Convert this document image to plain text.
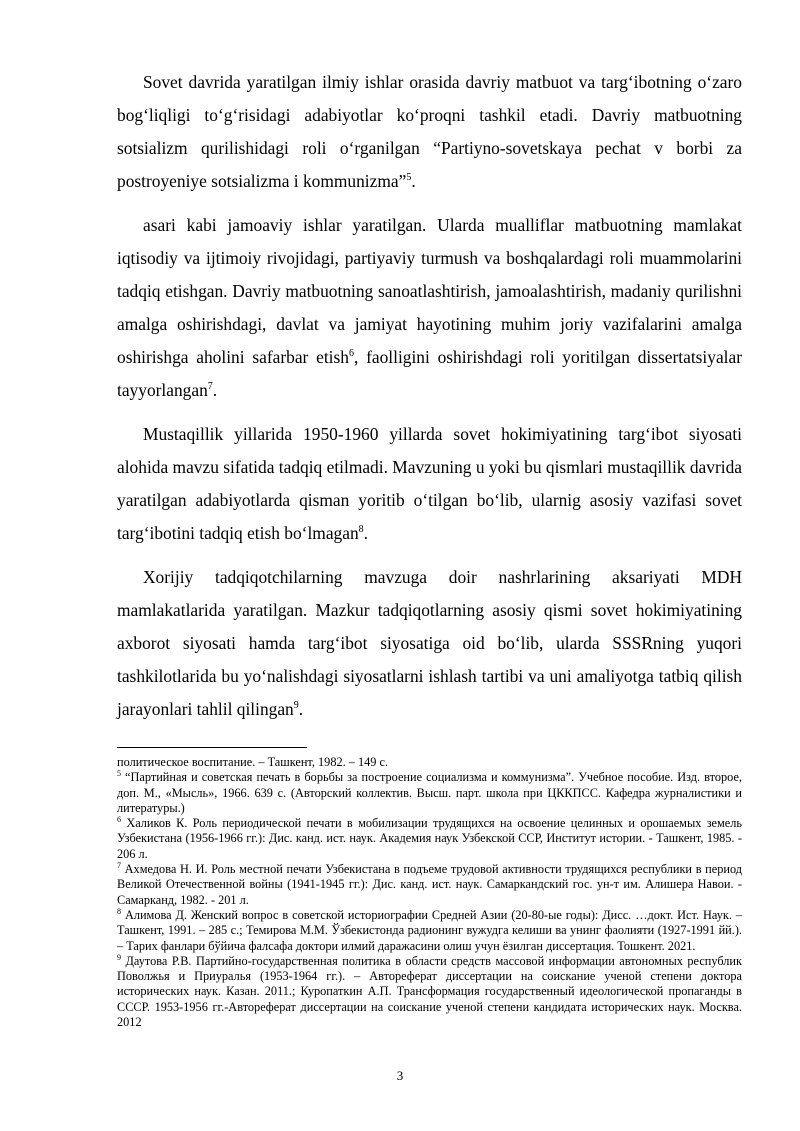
Sovet davrida yaratilgan ilmiy ishlar orasida davriy matbuot va targ‘ibotning o‘zaro bog‘liqligi to‘g‘risidagi adabiyotlar ko‘proqni tashkil etadi. Davriy matbuotning sotsializm qurilishidagi roli o‘rganilgan “Partiyno-sovetskaya pechat v borbi za postroyeniye sotsializma i kommunizma”$^5$.

asari kabi jamoaviy ishlar yaratilgan. Ularda mualliflar matbuotning mamlakat iqtisodiy va ijtimoiy rivojidagi, partiyaviy turmush va boshqalardagi roli muammolarini tadqiq etishgan. Davriy matbuotning sanoatlashtirish, jamoalashtirish, madaniy qurilishni amalga oshirishdagi, davlat va jamiyat hayotining muhim joriy vazifalarini amalga oshirishga aholini safarbar etish$^6$, faolligini oshirishdagi roli yoritilgan dissertatsiyalar tayyorlangan$^7$.

Mustaqillik yillarida 1950-1960 yillarda sovet hokimiyatining targ‘ibot siyosati alohida mavzu sifatida tadqiq etilmadi. Mavzuning u yoki bu qismlari mustaqillik davrida yaratilgan adabiyotlarda qisman yoritib o‘tilgan bo‘lib, ularnig asosiy vazifasi sovet targ‘ibotini tadqiq etish bo‘lmagan$^8$.

Xorijiy tadqiqotchilarning mavzuga doir nashrlarining aksariyati MDH mamlakatlarida yaratilgan. Mazkur tadqiqotlarning asosiy qismi sovet hokimiyatining axborot siyosati hamda targ‘ibot siyosatiga oid bo‘lib, ularda SSSRning yuqori tashkilotlarida bu yo‘nalishdagi siyosatlarni ishlash tartibi va uni amaliyotga tatbiq qilish jarayonlari tahlil qilingan$^9$.

политическое воспитание. – Ташкент, 1982. – 149 с.

$^5$ “Партийная и советская печать в борьбы за построение социализма и коммунизма”. Учебное пособие. Изд. второе, доп. М., «Мысль», 1966. 639 с. (Авторский коллектив. Высш. парт. школа при ЦККПСС. Кафедра журналистики и литературы.)

$^6$ Халиков К. Роль периодической печати в мобилизации трудящихся на освоение целинных и орошаемых земель Узбекистана (1956-1966 гг.): Дис. канд. ист. наук. Академия наук Узбекской ССР, Институт истории. - Ташкент, 1985. - 206 л.

$^7$ Ахмедова Н. И. Роль местной печати Узбекистана в подъеме трудовой активности трудящихся республики в период Великой Отечественной войны (1941-1945 гг.): Дис. канд. ист. наук. Самаркандский гос. ун-т им. Алишера Навои. - Самарканд, 1982. - 201 л.

$^8$ Алимова Д. Женский вопрос в советской историографии Средней Азии (20-80-ые годы): Дисс. …докт. Ист. Наук. – Ташкент, 1991. – 285 с.; Темирова М.М. Ўзбекистонда радионинг вужудга келиши ва унинг фаолияти (1927-1991 йй.). – Тарих фанлари бўйича фалсафа доктори илмий даражасини олиш учун ёзилган диссертация. Тошкент. 2021.

$^9$ Даутова Р.В. Партийно-государственная политика в области средств массовой информации автономных республик Поволжья и Приуралья (1953-1964 гг.). – Автореферат диссертации на соискание ученой степени доктора исторических наук. Казан. 2011.; Куропаткин А.П. Трансформация государственный идеологической пропаганды в СССР. 1953-1956 гг.-Автореферат диссертации на соискание ученой степени кандидата исторических наук. Москва. 2012

3
